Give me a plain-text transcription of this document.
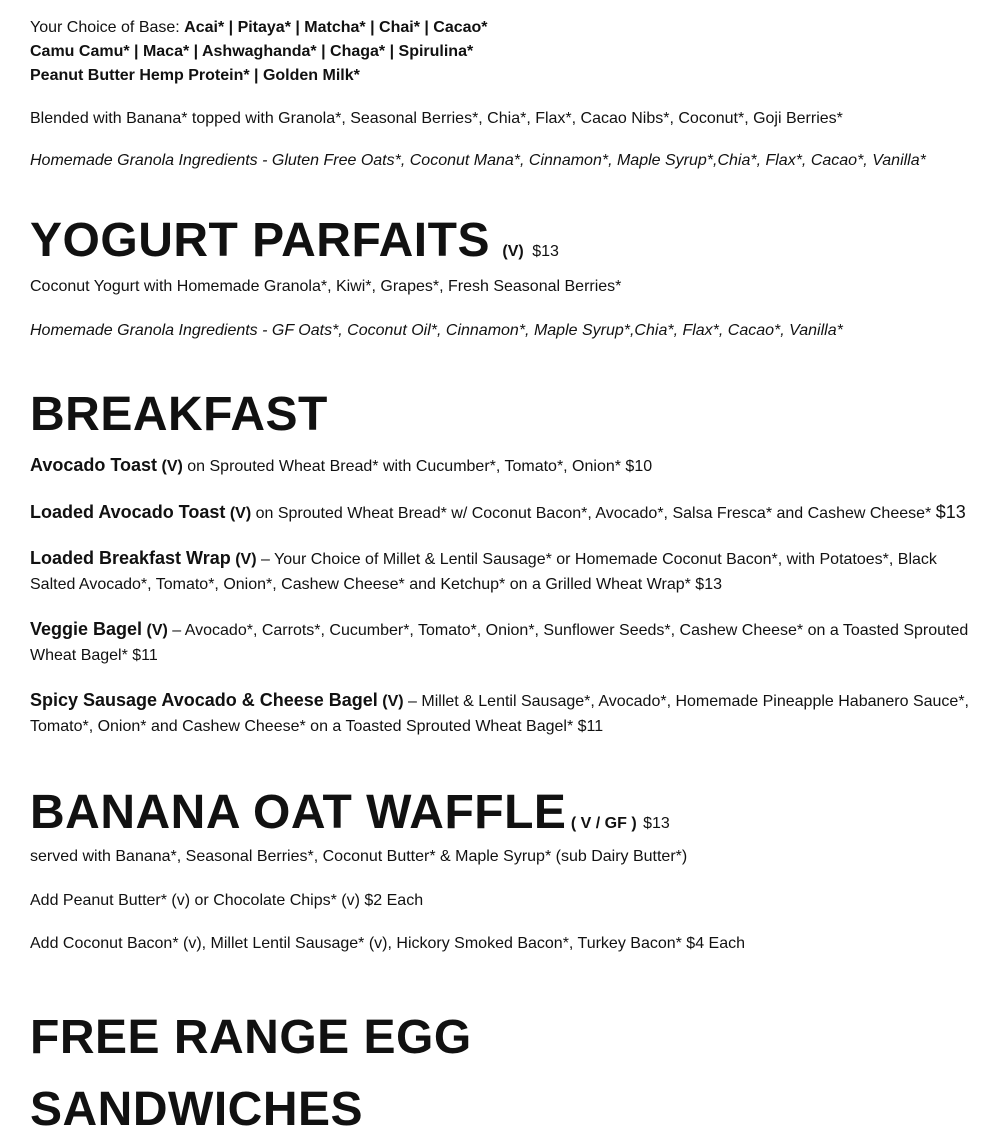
Your Choice of Base: Acai* | Pitaya* | Matcha* | Chai* | Cacao*

Camu Camu* | Maca* | Ashwaghanda* | Chaga* | Spirulina*

Peanut Butter Hemp Protein* | Golden Milk*

Blended with Banana* topped with Granola*, Seasonal Berries*, Chia*, Flax*, Cacao Nibs*, Coconut*, Goji Berries*

Homemade Granola Ingredients - Gluten Free Oats*, Coconut Mana*, Cinnamon*, Maple Syrup*,Chia*, Flax*, Cacao*, Vanilla*

YOGURT PARFAITS (V) $13

Coconut Yogurt with Homemade Granola*, Kiwi*, Grapes*, Fresh Seasonal Berries*

Homemade Granola Ingredients - GF Oats*, Coconut Oil*, Cinnamon*, Maple Syrup*,Chia*, Flax*, Cacao*, Vanilla*

BREAKFAST

Avocado Toast (V) on Sprouted Wheat Bread* with Cucumber*, Tomato*, Onion* $10

Loaded Avocado Toast (V) on Sprouted Wheat Bread* w/ Coconut Bacon*, Avocado*, Salsa Fresca* and Cashew Cheese* $13

Loaded Breakfast Wrap (V) – Your Choice of Millet & Lentil Sausage* or Homemade Coconut Bacon*, with Potatoes*, Black Salted Avocado*, Tomato*, Onion*, Cashew Cheese* and Ketchup* on a Grilled Wheat Wrap* $13

Veggie Bagel (V) – Avocado*, Carrots*, Cucumber*, Tomato*, Onion*, Sunflower Seeds*, Cashew Cheese* on a Toasted Sprouted Wheat Bagel* $11

Spicy Sausage Avocado & Cheese Bagel (V) – Millet & Lentil Sausage*, Avocado*, Homemade Pineapple Habanero Sauce*, Tomato*, Onion* and Cashew Cheese* on a Toasted Sprouted Wheat Bagel* $11

BANANA OAT WAFFLE ( V / GF ) $13

served with Banana*, Seasonal Berries*, Coconut Butter* & Maple Syrup* (sub Dairy Butter*)

Add Peanut Butter* (v) or Chocolate Chips* (v) $2 Each

Add Coconut Bacon* (v), Millet Lentil Sausage* (v), Hickory Smoked Bacon*, Turkey Bacon* $4 Each

FREE RANGE EGG
SANDWICHES
